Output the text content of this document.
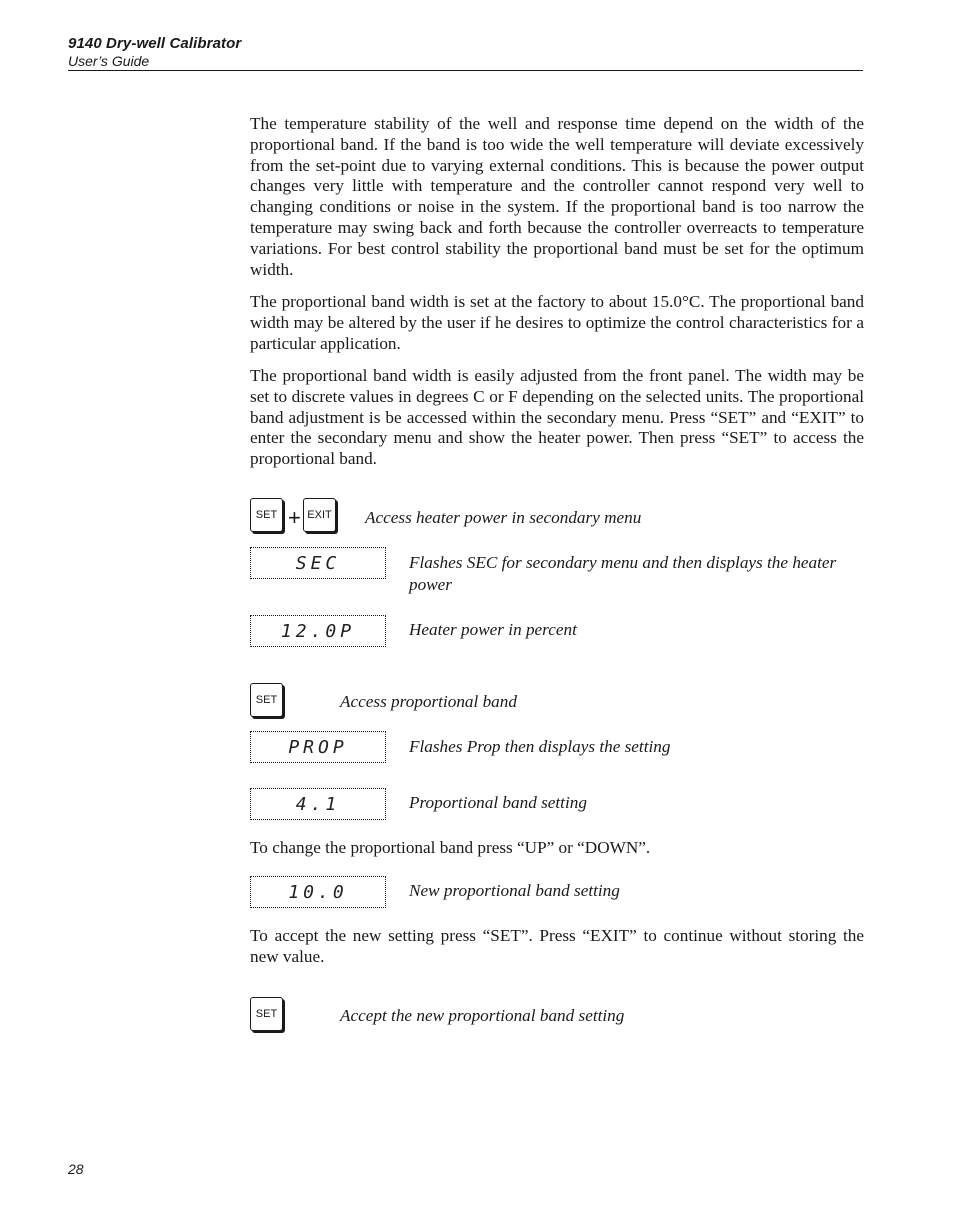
9140 Dry-well Calibrator
User’s Guide

The temperature stability of the well and response time depend on the width of the proportional band. If the band is too wide the well temperature will deviate excessively from the set-point due to varying external conditions. This is because the power output changes very little with temperature and the controller cannot respond very well to changing conditions or noise in the system. If the proportional band is too narrow the temperature may swing back and forth because the controller overreacts to temperature variations. For best control stability the proportional band must be set for the optimum width.

The proportional band width is set at the factory to about 15.0°C. The proportional band width may be altered by the user if he desires to optimize the control characteristics for a particular application.

The proportional band width is easily adjusted from the front panel. The width may be set to discrete values in degrees C or F depending on the selected units. The proportional band adjustment is be accessed within the secondary menu. Press “SET” and “EXIT” to enter the secondary menu and show the heater power. Then press “SET” to access the proportional band.

SET + EXIT Access heater power in secondary menu
SEC	Flashes SEC for secondary menu and then displays the heater power
12.0P	Heater power in percent
SET	Access proportional band
PROP	Flashes Prop then displays the setting
4.1	Proportional band setting

To change the proportional band press “UP” or “DOWN”.

10.0	New proportional band setting

To accept the new setting press “SET”. Press “EXIT” to continue without storing the new value.

SET	Accept the new proportional band setting
28
